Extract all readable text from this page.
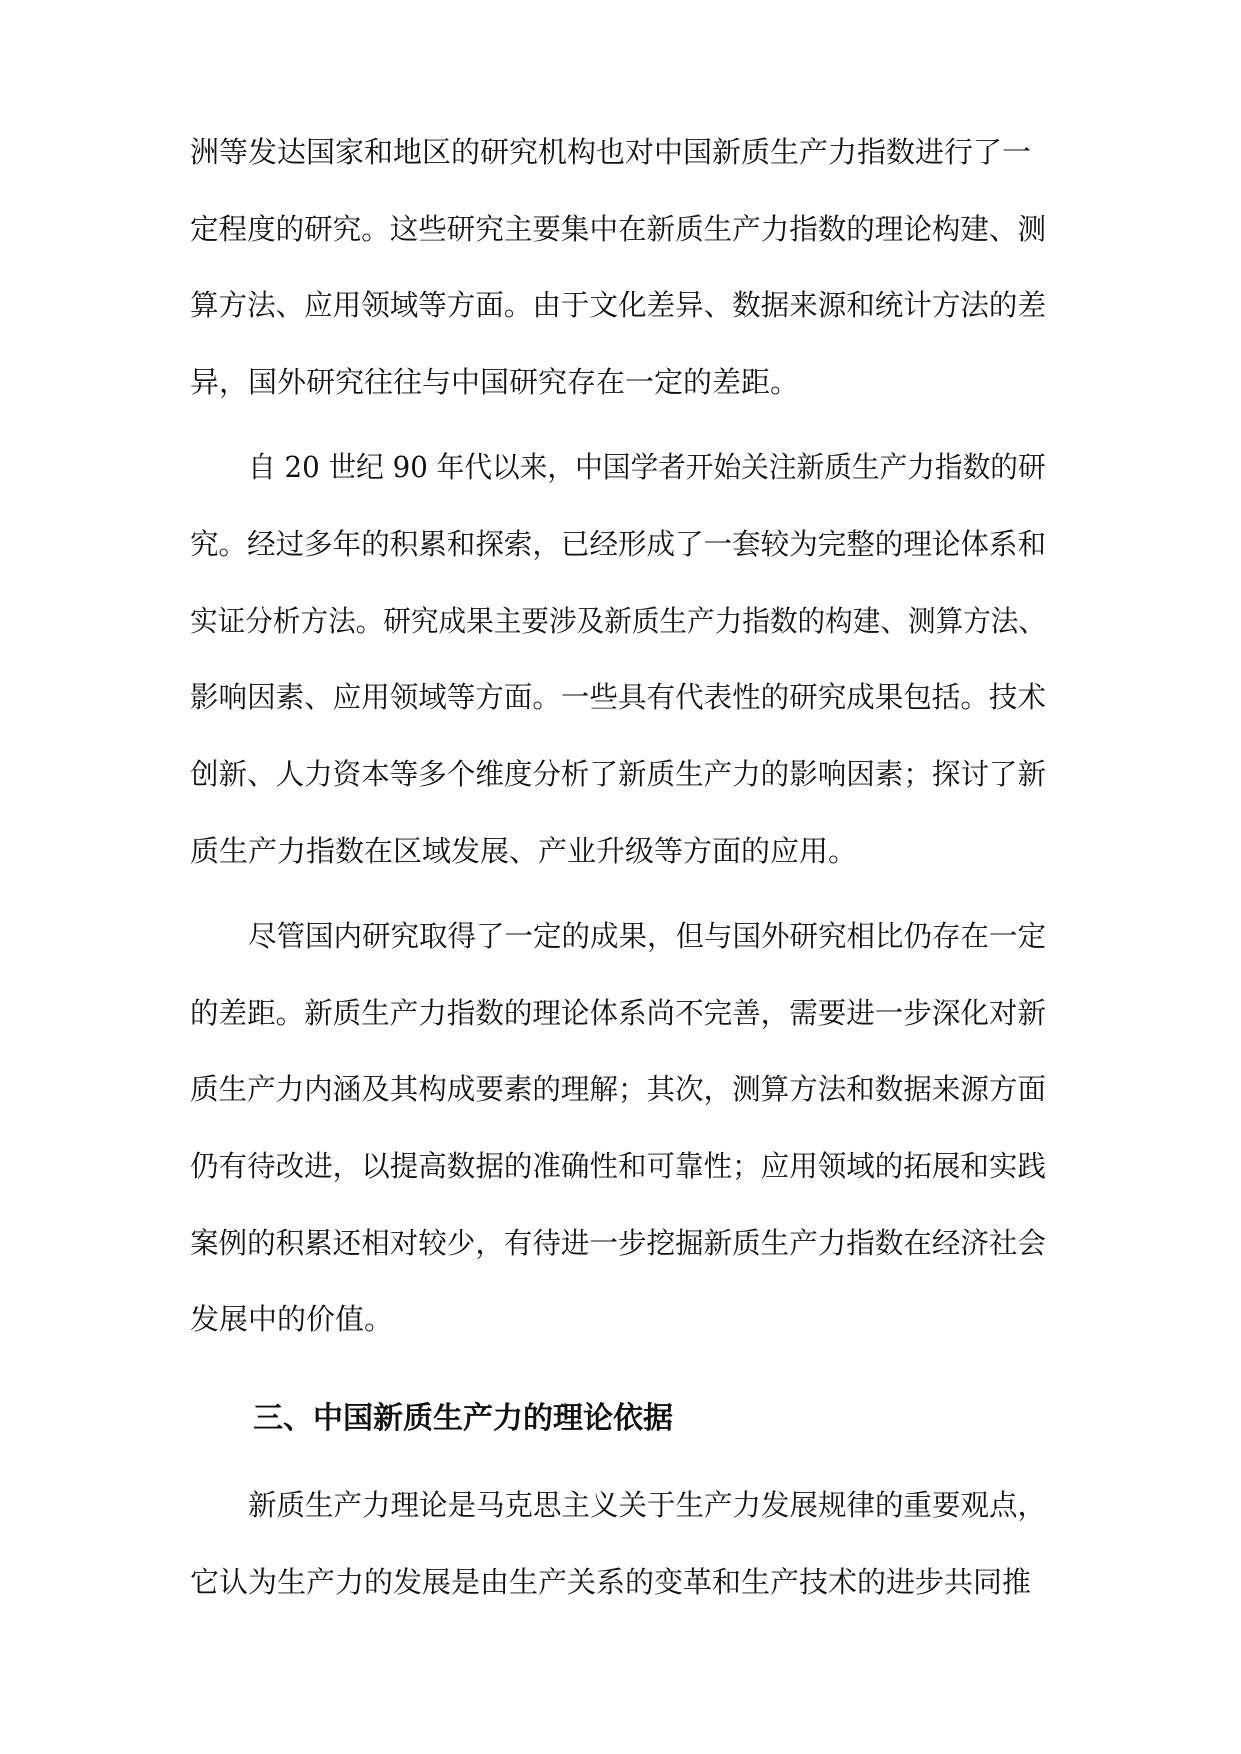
洲等发达国家和地区的研究机构也对中国新质生产力指数进行了一
定程度的研究。这些研究主要集中在新质生产力指数的理论构建、测
算方法、应用领域等方面。由于文化差异、数据来源和统计方法的差
异，国外研究往往与中国研究存在一定的差距。
自 20 世纪 90 年代以来，中国学者开始关注新质生产力指数的研
究。经过多年的积累和探索，已经形成了一套较为完整的理论体系和
实证分析方法。研究成果主要涉及新质生产力指数的构建、测算方法、
影响因素、应用领域等方面。一些具有代表性的研究成果包括。技术
创新、人力资本等多个维度分析了新质生产力的影响因素；探讨了新
质生产力指数在区域发展、产业升级等方面的应用。
尽管国内研究取得了一定的成果，但与国外研究相比仍存在一定
的差距。新质生产力指数的理论体系尚不完善，需要进一步深化对新
质生产力内涵及其构成要素的理解；其次，测算方法和数据来源方面
仍有待改进，以提高数据的准确性和可靠性；应用领域的拓展和实践
案例的积累还相对较少，有待进一步挖掘新质生产力指数在经济社会
发展中的价值。
三、中国新质生产力的理论依据
新质生产力理论是马克思主义关于生产力发展规律的重要观点，
它认为生产力的发展是由生产关系的变革和生产技术的进步共同推
